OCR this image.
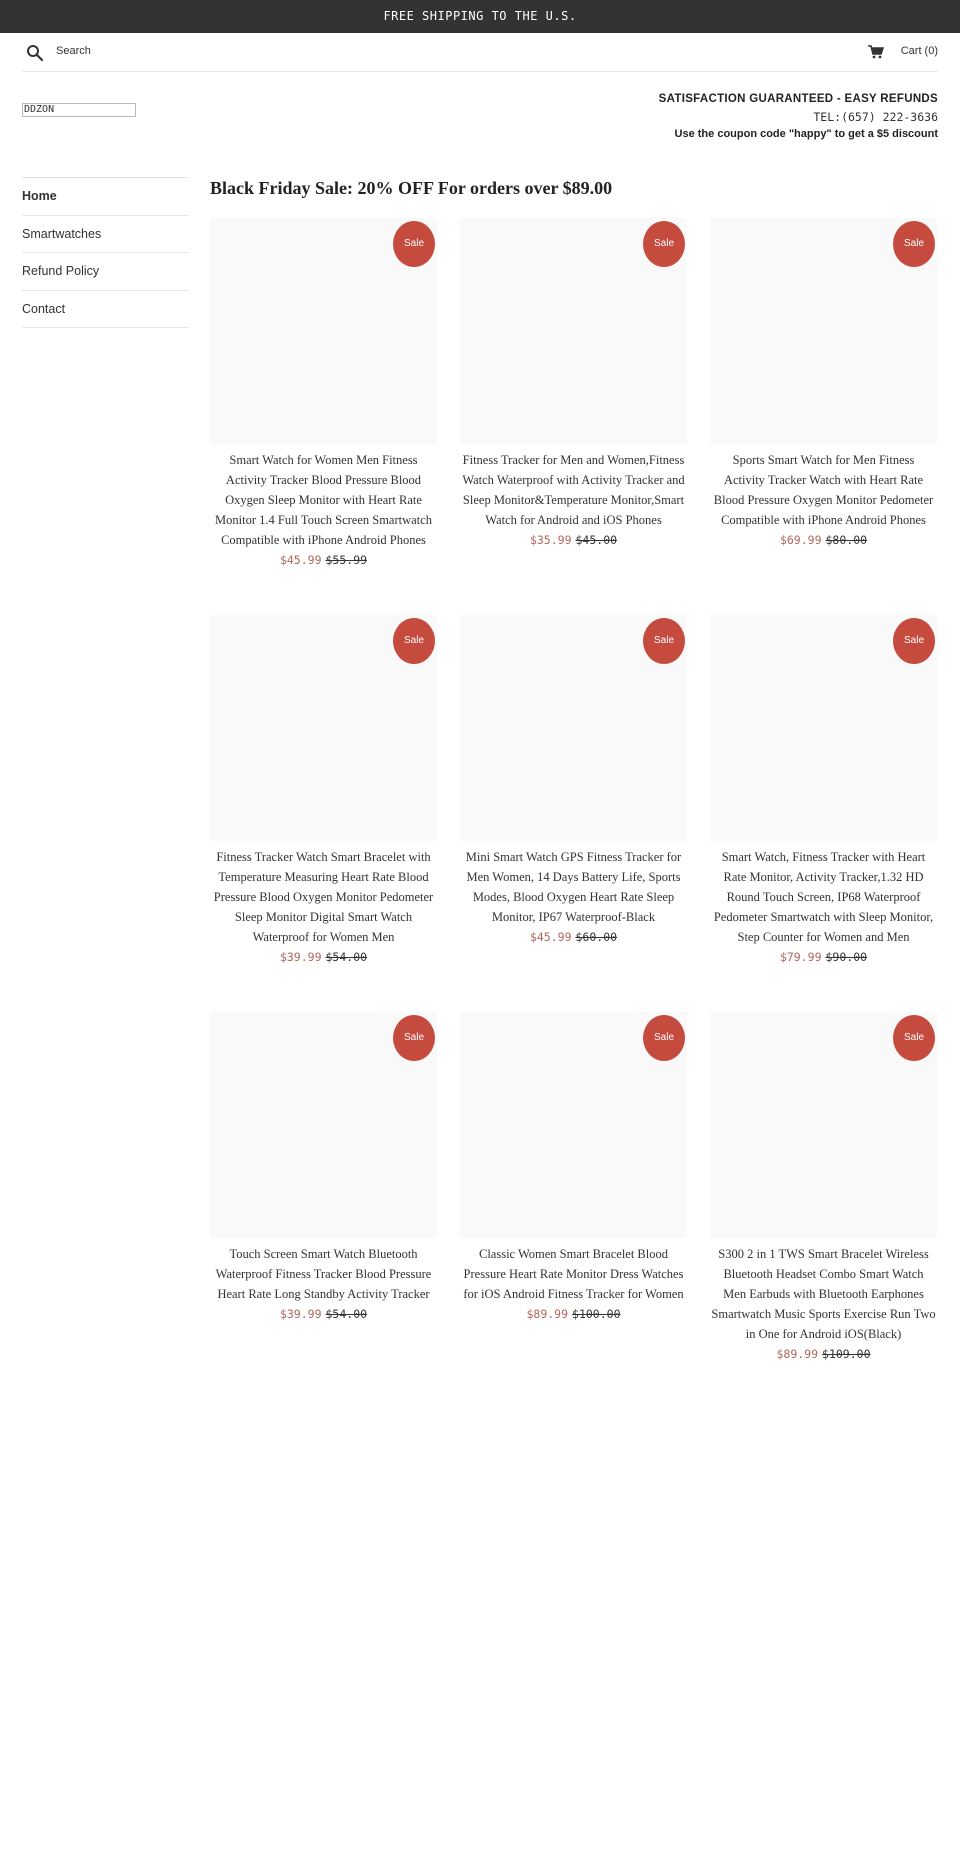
FREE SHIPPING TO THE U.S.
Search	Cart (0)
DDZON
SATISFACTION GUARANTEED - EASY REFUNDS
TEL:(657) 222-3636
Use the coupon code "happy" to get a $5 discount
Home
Smartwatches
Refund Policy
Contact
Black Friday Sale: 20% OFF For orders over $89.00
Sale
Smart Watch for Women Men Fitness Activity Tracker Blood Pressure Blood Oxygen Sleep Monitor with Heart Rate Monitor 1.4 Full Touch Screen Smartwatch Compatible with iPhone Android Phones
$45.99 $55.99
Sale
Fitness Tracker for Men and Women,Fitness Watch Waterproof with Activity Tracker and Sleep Monitor&Temperature Monitor,Smart Watch for Android and iOS Phones
$35.99 $45.00
Sale
Sports Smart Watch for Men Fitness Activity Tracker Watch with Heart Rate Blood Pressure Oxygen Monitor Pedometer Compatible with iPhone Android Phones
$69.99 $80.00
Sale
Fitness Tracker Watch Smart Bracelet with Temperature Measuring Heart Rate Blood Pressure Blood Oxygen Monitor Pedometer Sleep Monitor Digital Smart Watch Waterproof for Women Men
$39.99 $54.00
Sale
Mini Smart Watch GPS Fitness Tracker for Men Women, 14 Days Battery Life, Sports Modes, Blood Oxygen Heart Rate Sleep Monitor, IP67 Waterproof-Black
$45.99 $60.00
Sale
Smart Watch, Fitness Tracker with Heart Rate Monitor, Activity Tracker,1.32 HD Round Touch Screen, IP68 Waterproof Pedometer Smartwatch with Sleep Monitor, Step Counter for Women and Men
$79.99 $90.00
Sale
Touch Screen Smart Watch Bluetooth Waterproof Fitness Tracker Blood Pressure Heart Rate Long Standby Activity Tracker
$39.99 $54.00
Sale
Classic Women Smart Bracelet Blood Pressure Heart Rate Monitor Dress Watches for iOS Android Fitness Tracker for Women
$89.99 $100.00
Sale
S300 2 in 1 TWS Smart Bracelet Wireless Bluetooth Headset Combo Smart Watch Men Earbuds with Bluetooth Earphones Smartwatch Music Sports Exercise Run Two in One for Android iOS(Black)
$89.99 $109.00
